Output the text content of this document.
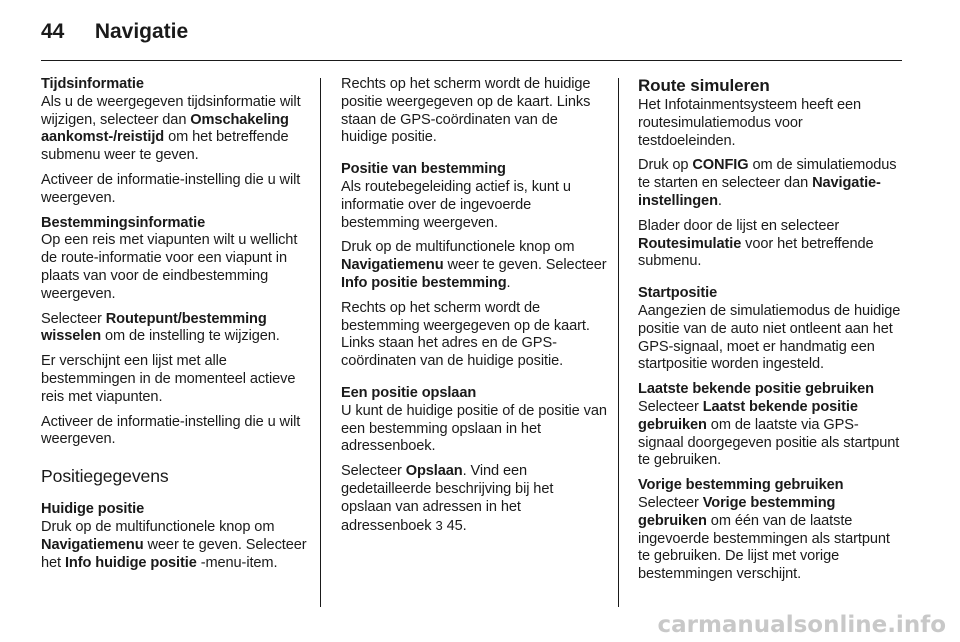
44 Navigatie

Tijdsinformatie
Als u de weergegeven tijdsinformatie wilt wijzigen, selecteer dan Omschakeling aankomst-/reistijd om het betreffende submenu weer te geven.

Activeer de informatie-instelling die u wilt weergeven.

Bestemmingsinformatie
Op een reis met viapunten wilt u wellicht de route-informatie voor een viapunt in plaats van voor de eindbestemming weergeven.

Selecteer Routepunt/bestemming wisselen om de instelling te wijzigen.

Er verschijnt een lijst met alle bestemmingen in de momenteel actieve reis met viapunten.

Activeer de informatie-instelling die u wilt weergeven.

Positiegegevens

Huidige positie
Druk op de multifunctionele knop om Navigatiemenu weer te geven. Selecteer het Info huidige positie -menu-item.

Rechts op het scherm wordt de huidige positie weergegeven op de kaart. Links staan de GPS-coördinaten van de huidige positie.

Positie van bestemming
Als routebegeleiding actief is, kunt u informatie over de ingevoerde bestemming weergeven.

Druk op de multifunctionele knop om Navigatiemenu weer te geven. Selecteer Info positie bestemming.

Rechts op het scherm wordt de bestemming weergegeven op de kaart. Links staan het adres en de GPS-coördinaten van de huidige positie.

Een positie opslaan
U kunt de huidige positie of de positie van een bestemming opslaan in het adressenboek.

Selecteer Opslaan. Vind een gedetailleerde beschrijving bij het opslaan van adressen in het adressenboek 3 45.

Route simuleren

Het Infotainmentsysteem heeft een routesimulatiemodus voor testdoeleinden.

Druk op CONFIG om de simulatiemodus te starten en selecteer dan Navigatie-instellingen.

Blader door de lijst en selecteer Routesimulatie voor het betreffende submenu.

Startpositie
Aangezien de simulatiemodus de huidige positie van de auto niet ontleent aan het GPS-signaal, moet er handmatig een startpositie worden ingesteld.

Laatste bekende positie gebruiken
Selecteer Laatst bekende positie gebruiken om de laatste via GPS-signaal doorgegeven positie als startpunt te gebruiken.

Vorige bestemming gebruiken
Selecteer Vorige bestemming gebruiken om één van de laatste ingevoerde bestemmingen als startpunt te gebruiken. De lijst met vorige bestemmingen verschijnt.

carmanualsonline.info
